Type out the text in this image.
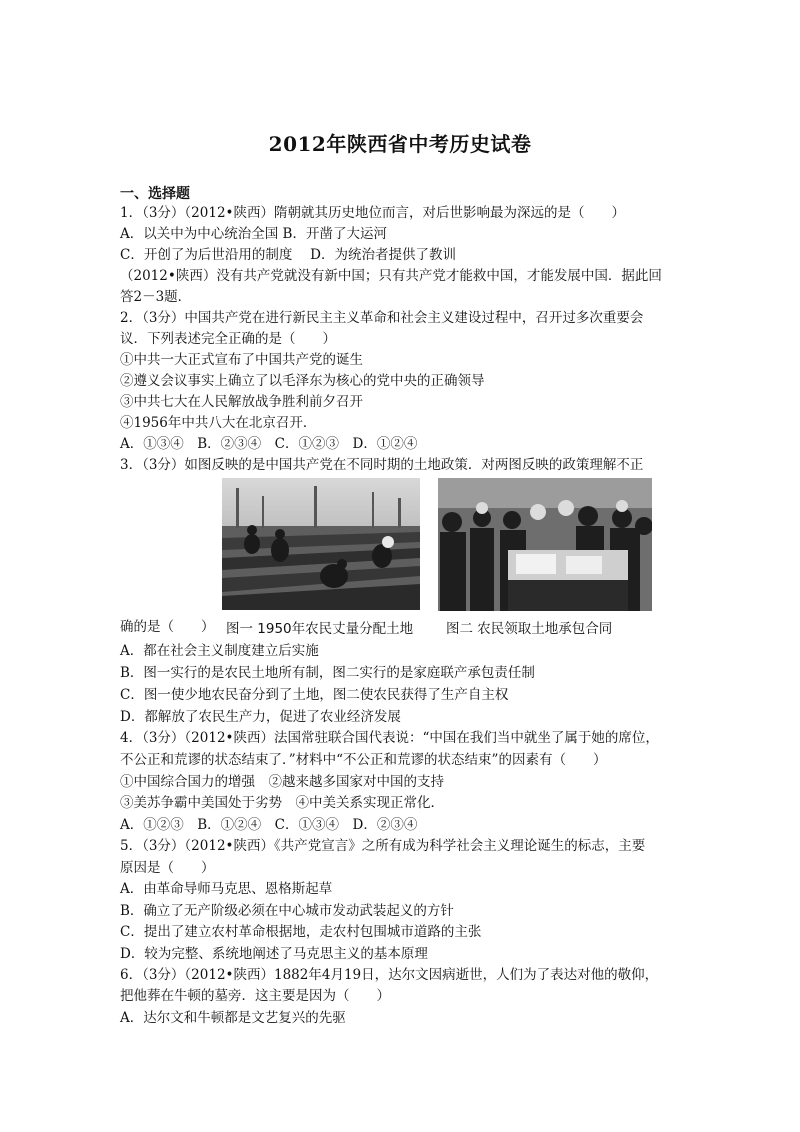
2012年陕西省中考历史试卷
一、选择题
1．（3分）（2012•陕西）隋朝就其历史地位而言，对后世影响最为深远的是（　　）
A．以关中为中心统治全国 B．开凿了大运河
C．开创了为后世沿用的制度　 D．为统治者提供了教训
（2012•陕西）没有共产党就没有新中国；只有共产党才能救中国，才能发展中国．据此回
答2－3题．
2．（3分）中国共产党在进行新民主主义革命和社会主义建设过程中，召开过多次重要会
议．下列表述完全正确的是（　　）
①中共一大正式宣布了中国共产党的诞生
②遵义会议事实上确立了以毛泽东为核心的党中央的正确领导
③中共七大在人民解放战争胜利前夕召开
④1956年中共八大在北京召开．
A．①③④　B．②③④　C．①②③　D．①②④
3．（3分）如图反映的是中国共产党在不同时期的土地政策．对两图反映的政策理解不正
确的是（　　） 图一 1950年农民丈量分配土地 图二 农民领取土地承包合同
A．都在社会主义制度建立后实施
B．图一实行的是农民土地所有制，图二实行的是家庭联产承包责任制
C．图一使少地农民奋分到了土地，图二使农民获得了生产自主权
D．都解放了农民生产力，促进了农业经济发展
4．（3分）（2012•陕西）法国常驻联合国代表说：“中国在我们当中就坐了属于她的席位，
不公正和荒谬的状态结束了．”材料中“不公正和荒谬的状态结束”的因素有（　　）
①中国综合国力的增强　②越来越多国家对中国的支持
③美苏争霸中美国处于劣势　④中美关系实现正常化．
A．①②③　B．①②④　C．①③④　D．②③④
5．（3分）（2012•陕西）《共产党宣言》之所有成为科学社会主义理论诞生的标志，主要
原因是（　　）
A．由革命导师马克思、恩格斯起草
B．确立了无产阶级必须在中心城市发动武装起义的方针
C．提出了建立农村革命根据地，走农村包围城市道路的主张
D．较为完整、系统地阐述了马克思主义的基本原理
6．（3分）（2012•陕西）1882年4月19日，达尔文因病逝世，人们为了表达对他的敬仰，
把他葬在牛顿的墓旁．这主要是因为（　　）
A．达尔文和牛顿都是文艺复兴的先驱
